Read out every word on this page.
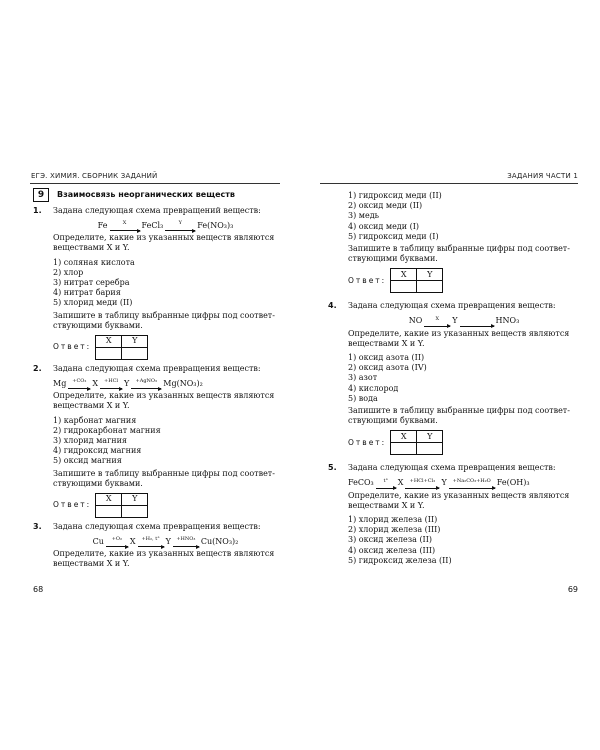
ЕГЭ. ХИМИЯ. СБОРНИК ЗАДАНИЙ
9	Взаимосвязь неорганических веществ
1. Задана следующая схема превращений веществ:

Fe	X FeCl₃	Y Fe(NO₃)₃

Определите, какие из указанных веществ являются веществами X и Y.

1) соляная кислота
2) хлор
3) нитрат серебра
4) нитрат бария
5) хлорид меди (II)

Запишите в таблицу выбранные цифры под соответ-ствующими буквами.

Ответ:
X	Y

2. Задана следующая схема превращения веществ:

Mg +CO₂ X +HCl Y +AgNO₃ Mg(NO₃)₂

Определите, какие из указанных веществ являются веществами X и Y.

1) карбонат магния
2) гидрокарбонат магния
3) хлорид магния
4) гидроксид магния
5) оксид магния

Запишите в таблицу выбранные цифры под соответ-ствующими буквами.

Ответ:
X	Y

3. Задана следующая схема превращения веществ:

Cu +O₂ X +H₂, t° Y +HNO₃ Cu(NO₃)₂

Определите, какие из указанных веществ являются веществами X и Y.

68
ЗАДАНИЯ ЧАСТИ 1
1) гидроксид меди (II)
2) оксид меди (II)
3) медь
4) оксид меди (I)
5) гидроксид меди (I)

Запишите в таблицу выбранные цифры под соответ-ствующими буквами.

Ответ:
X	Y

4. Задана следующая схема превращения веществ:

NO	X Y	HNO₃

Определите, какие из указанных веществ являются веществами X и Y.

1) оксид азота (II)
2) оксид азота (IV)
3) азот
4) кислород
5) вода

Запишите в таблицу выбранные цифры под соответ-ствующими буквами.

Ответ:
X	Y

5. Задана следующая схема превращения веществ:

FeCO₃ t° X +HCl+Cl₂ Y +Na₂CO₃+H₂O Fe(OH)₃

Определите, какие из указанных веществ являются веществами X и Y.

1) хлорид железа (II)
2) хлорид железа (III)
3) оксид железа (II)
4) оксид железа (III)
5) гидроксид железа (II)
69
